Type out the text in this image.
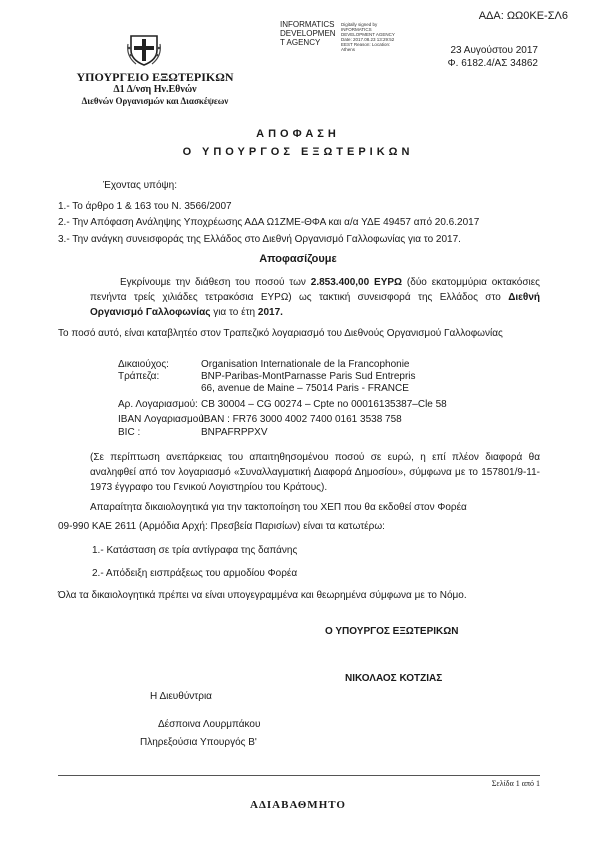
ΑΔΑ: ΩΩ0ΚΕ-ΣΛ6
ΥΠΟΥΡΓΕΙΟ ΕΞΩΤΕΡΙΚΩΝ
Δ1 Δ/νση Ην.Εθνών
Διεθνών Οργανισμών και Διασκέψεων
INFORMATICS
DEVELOPMEN
T AGENCY
Digitally signed by INFORMATICS DEVELOPMENT AGENCY Date: 2017.08.23 13:29:52 EEST Reason: Location: Athens	23 Αυγούστου 2017
Φ. 6182.4/ΑΣ 34862
ΑΠΟΦΑΣΗ
Ο ΥΠΟΥΡΓΟΣ ΕΞΩΤΕΡΙΚΩΝ
Έχοντας υπόψη:
1.- Το άρθρο 1 & 163 του Ν. 3566/2007
2.- Την Απόφαση Ανάληψης Υποχρέωσης ΑΔΑ Ω1ΖΜΕ-ΘΦΑ και α/α ΥΔΕ 49457 από 20.6.2017
3.- Την ανάγκη συνεισφοράς της Ελλάδος στο Διεθνή Οργανισμό Γαλλοφωνίας για το 2017.
Αποφασίζουμε
Εγκρίνουμε την διάθεση του ποσού των 2.853.400,00 ΕΥΡΩ (δύο εκατομμύρια οκτακόσιες πενήντα τρείς χιλιάδες τετρακόσια ΕΥΡΩ) ως τακτική συνεισφορά της Ελλάδος στο Διεθνή Οργανισμό Γαλλοφωνίας για το έτη 2017.
Το ποσό αυτό, είναι καταβλητέο στον Τραπεζικό λογαριασμό του Διεθνούς Οργανισμού Γαλλοφωνίας
Δικαιούχος:	Organisation Internationale de la Francophonie
Τράπεζα:	BNP-Paribas-MontParnasse Paris Sud Entrepris
66, avenue de Maine – 75014 Paris - FRANCE
Αρ. Λογαριασμού: CB 30004 – CG 00274 – Cpte no 00016135387–Cle 58
IBAN Λογαριασμού:
IBAN : FR76 3000 4002 7400 0161 3538 758
BIC :	BNPAFRPPXV
(Σε περίπτωση ανεπάρκειας του απαιτηθησομένου ποσού σε ευρώ, η επί πλέον διαφορά θα αναληφθεί από τον λογαριασμό «Συναλλαγματική Διαφορά Δημοσίου», σύμφωνα με το 157801/9-11-1973 έγγραφο του Γενικού Λογιστηρίου του Κράτους).
Απαραίτητα δικαιολογητικά για την τακτοποίηση του ΧΕΠ που θα εκδοθεί στον Φορέα
09-990 ΚΑΕ 2611 (Αρμόδια Αρχή: Πρεσβεία Παρισίων) είναι τα κατωτέρω:
1.- Κατάσταση σε τρία αντίγραφα της δαπάνης
2.- Απόδειξη εισπράξεως του αρμοδίου Φορέα
Όλα τα δικαιολογητικά πρέπει να είναι υπογεγραμμένα και θεωρημένα σύμφωνα με το Νόμο.
Ο ΥΠΟΥΡΓΟΣ ΕΞΩΤΕΡΙΚΩΝ
ΝΙΚΟΛΑΟΣ ΚΟΤΖΙΑΣ
Η Διευθύντρια
Δέσποινα Λουρμπάκου
Πληρεξούσια Υπουργός Β'
Σελίδα 1 από 1
ΑΔΙΑΒΑΘΜΗΤΟ
